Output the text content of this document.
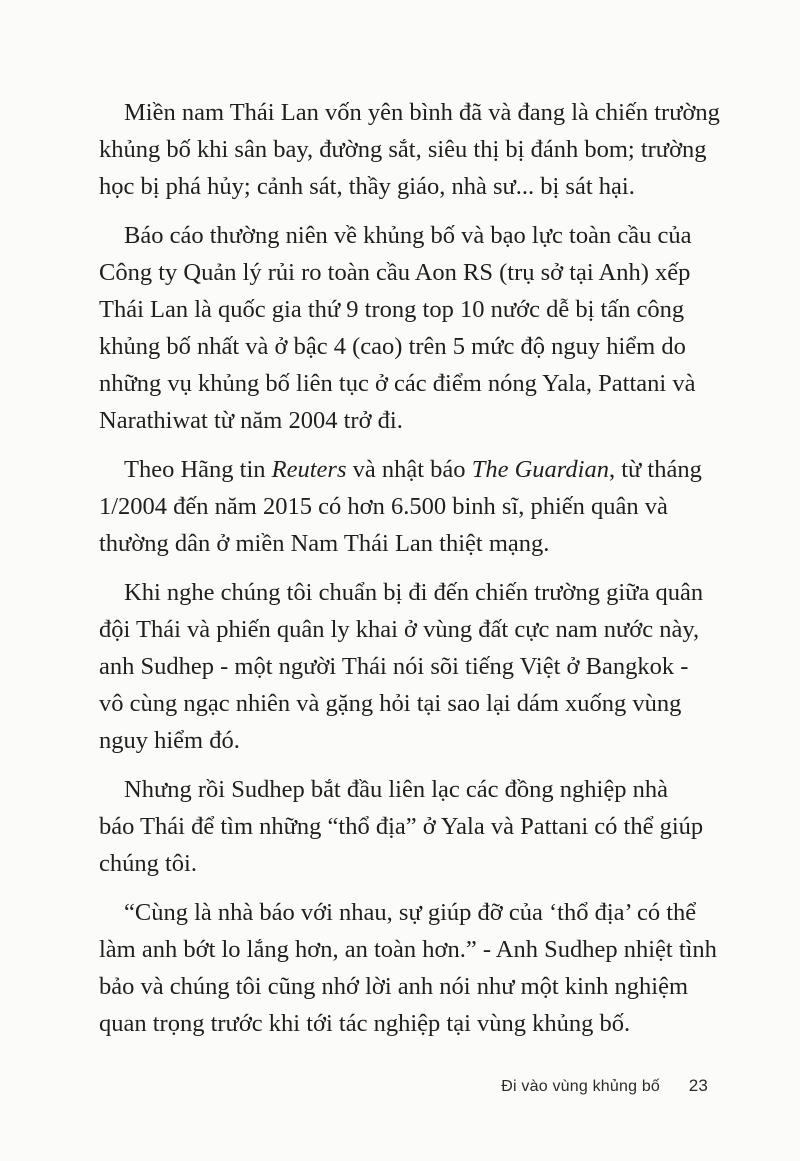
Miền nam Thái Lan vốn yên bình đã và đang là chiến trường
khủng bố khi sân bay, đường sắt, siêu thị bị đánh bom; trường
học bị phá hủy; cảnh sát, thầy giáo, nhà sư... bị sát hại.

Báo cáo thường niên về khủng bố và bạo lực toàn cầu của
Công ty Quản lý rủi ro toàn cầu Aon RS (trụ sở tại Anh) xếp
Thái Lan là quốc gia thứ 9 trong top 10 nước dễ bị tấn công
khủng bố nhất và ở bậc 4 (cao) trên 5 mức độ nguy hiểm do
những vụ khủng bố liên tục ở các điểm nóng Yala, Pattani và
Narathiwat từ năm 2004 trở đi.

Theo Hãng tin Reuters và nhật báo The Guardian, từ tháng
1/2004 đến năm 2015 có hơn 6.500 binh sĩ, phiến quân và
thường dân ở miền Nam Thái Lan thiệt mạng.

Khi nghe chúng tôi chuẩn bị đi đến chiến trường giữa quân
đội Thái và phiến quân ly khai ở vùng đất cực nam nước này,
anh Sudhep - một người Thái nói sõi tiếng Việt ở Bangkok -
vô cùng ngạc nhiên và gặng hỏi tại sao lại dám xuống vùng
nguy hiểm đó.

Nhưng rồi Sudhep bắt đầu liên lạc các đồng nghiệp nhà
báo Thái để tìm những “thổ địa” ở Yala và Pattani có thể giúp
chúng tôi.

“Cùng là nhà báo với nhau, sự giúp đỡ của ‘thổ địa’ có thể
làm anh bớt lo lắng hơn, an toàn hơn.” - Anh Sudhep nhiệt tình
bảo và chúng tôi cũng nhớ lời anh nói như một kinh nghiệm
quan trọng trước khi tới tác nghiệp tại vùng khủng bố.

Đi vào vùng khủng bố 23
